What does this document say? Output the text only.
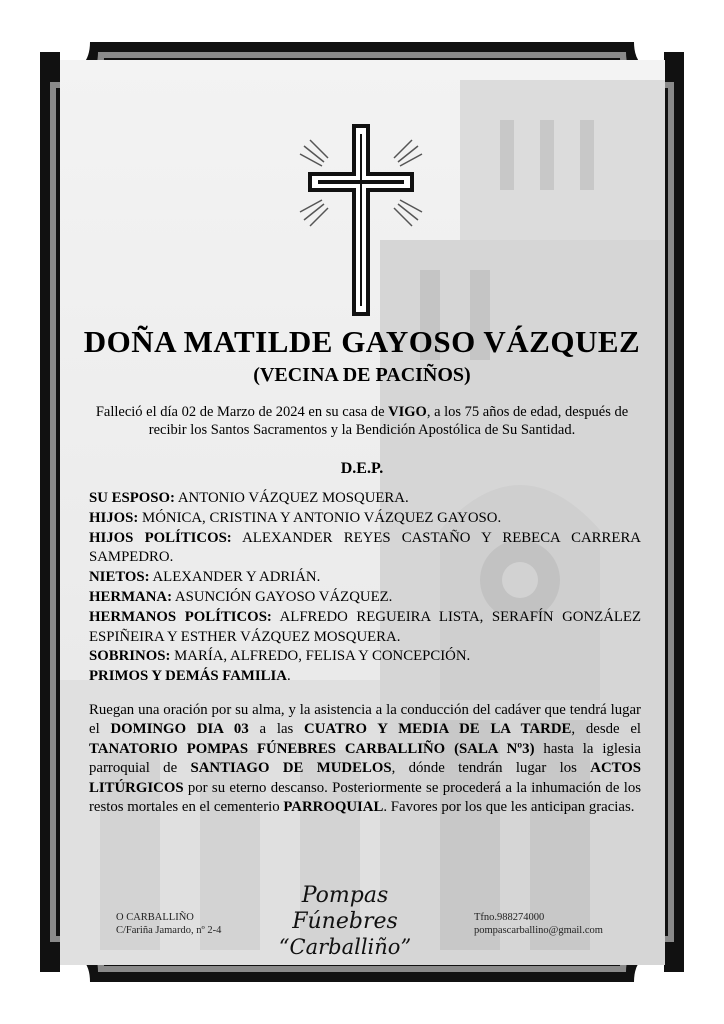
DOÑA MATILDE GAYOSO VÁZQUEZ
(VECINA DE PACIÑOS)
Falleció el día 02 de Marzo de 2024 en su casa de VIGO, a los 75 años de edad, después de recibir los Santos Sacramentos y la Bendición Apostólica de Su Santidad.
D.E.P.
SU ESPOSO: ANTONIO VÁZQUEZ MOSQUERA.
HIJOS: MÓNICA, CRISTINA Y ANTONIO VÁZQUEZ GAYOSO.
HIJOS POLÍTICOS: ALEXANDER REYES CASTAÑO Y REBECA CARRERA SAMPEDRO.
NIETOS: ALEXANDER Y ADRIÁN.
HERMANA: ASUNCIÓN GAYOSO VÁZQUEZ.
HERMANOS POLÍTICOS: ALFREDO REGUEIRA LISTA, SERAFÍN GONZÁLEZ ESPIÑEIRA Y ESTHER VÁZQUEZ MOSQUERA.
SOBRINOS: MARÍA, ALFREDO, FELISA Y CONCEPCIÓN.
PRIMOS Y DEMÁS FAMILIA.
Ruegan una oración por su alma, y la asistencia a la conducción del cadáver que tendrá lugar el DOMINGO DIA 03 a las CUATRO Y MEDIA DE LA TARDE, desde el TANATORIO POMPAS FÚNEBRES CARBALLIÑO (SALA Nº3) hasta la iglesia parroquial de SANTIAGO DE MUDELOS, dónde tendrán lugar los ACTOS LITÚRGICOS por su eterno descanso. Posteriormente se procederá a la inhumación de los restos mortales en el cementerio PARROQUIAL. Favores por los que les anticipan gracias.
O CARBALLIÑO
C/Fariña Jamardo, nº 2-4
Pompas Fúnebres
“Carballiño”
Tfno.988274000
pompascarballino@gmail.com
